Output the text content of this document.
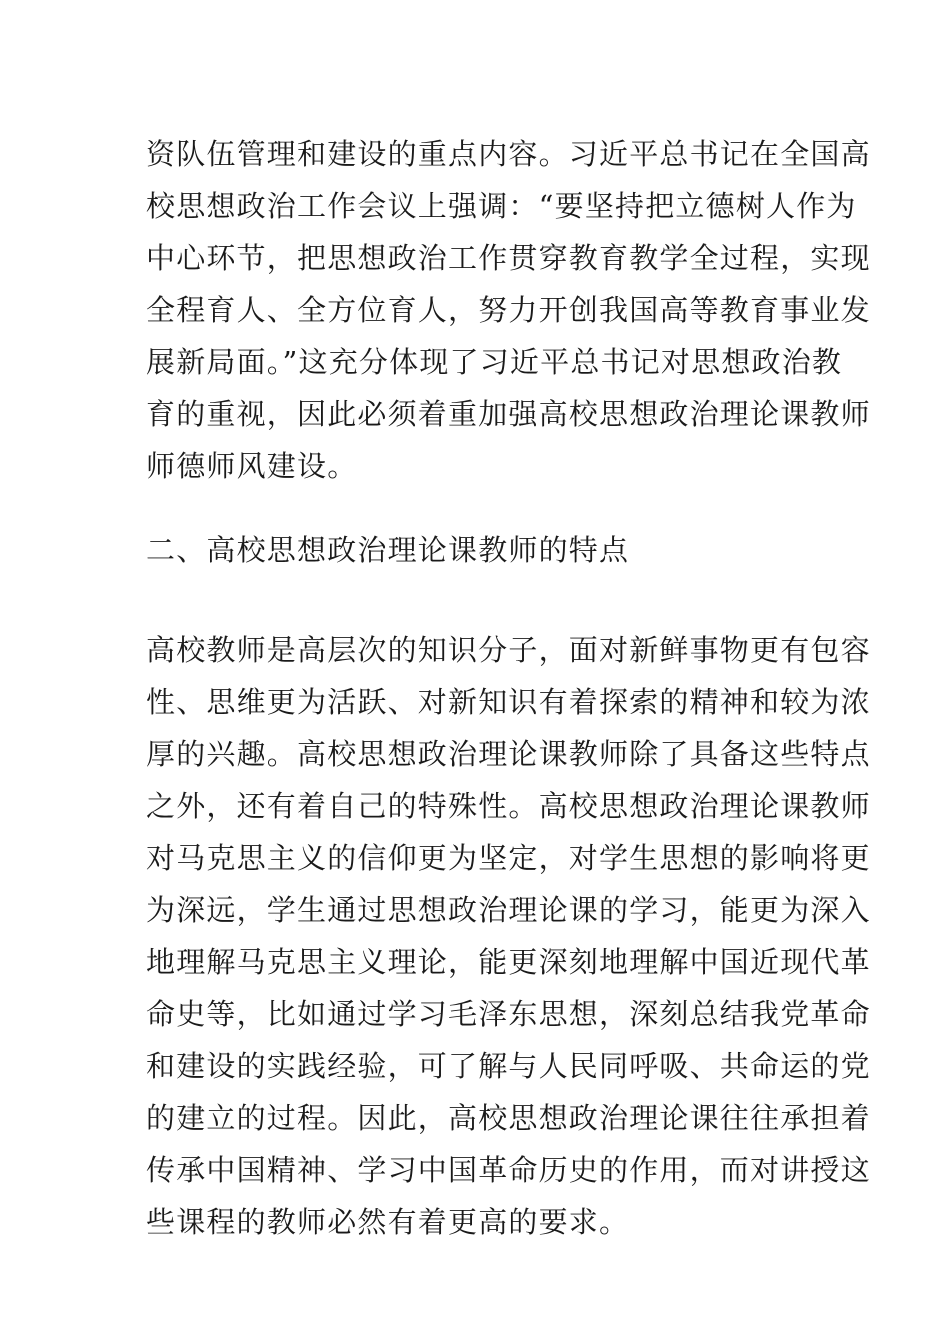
资队伍管理和建设的重点内容。习近平总书记在全国高
校思想政治工作会议上强调：“要坚持把立德树人作为
中心环节，把思想政治工作贯穿教育教学全过程，实现
全程育人、全方位育人，努力开创我国高等教育事业发
展新局面。”这充分体现了习近平总书记对思想政治教
育的重视，因此必须着重加强高校思想政治理论课教师
师德师风建设。
二、高校思想政治理论课教师的特点
高校教师是高层次的知识分子，面对新鲜事物更有包容
性、思维更为活跃、对新知识有着探索的精神和较为浓
厚的兴趣。高校思想政治理论课教师除了具备这些特点
之外，还有着自己的特殊性。高校思想政治理论课教师
对马克思主义的信仰更为坚定，对学生思想的影响将更
为深远，学生通过思想政治理论课的学习，能更为深入
地理解马克思主义理论，能更深刻地理解中国近现代革
命史等，比如通过学习毛泽东思想，深刻总结我党革命
和建设的实践经验，可了解与人民同呼吸、共命运的党
的建立的过程。因此，高校思想政治理论课往往承担着
传承中国精神、学习中国革命历史的作用，而对讲授这
些课程的教师必然有着更高的要求。
